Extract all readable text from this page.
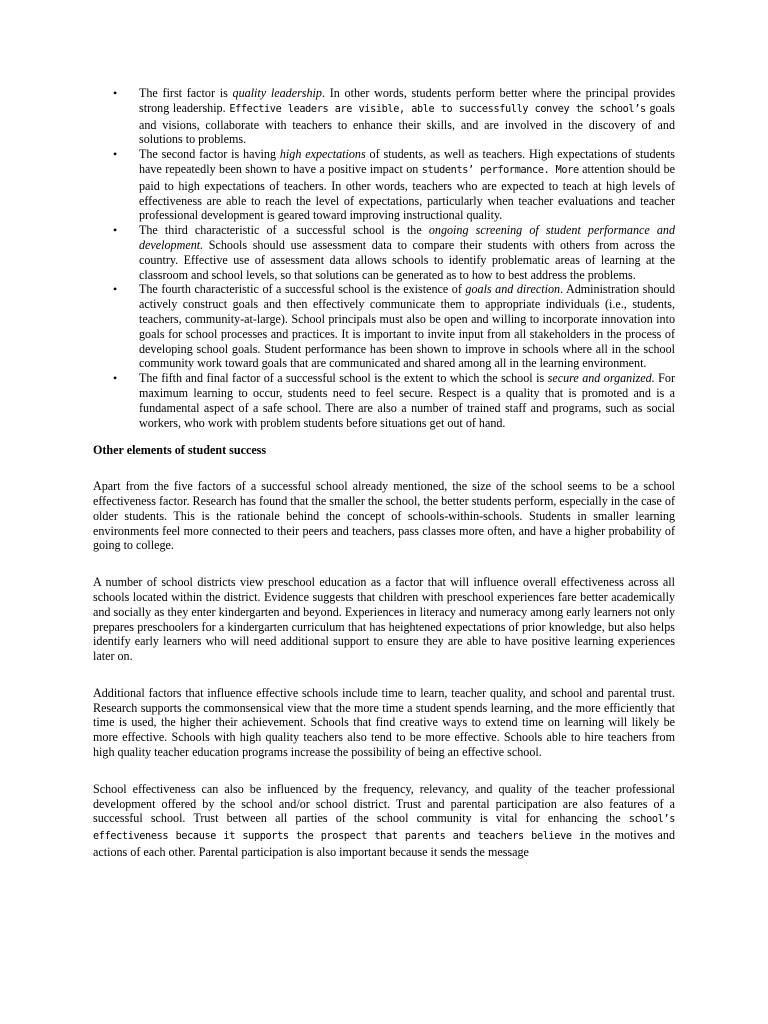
• The first factor is quality leadership. In other words, students perform better where the principal provides strong leadership. Effective leaders are visible, able to successfully convey the school’s goals and visions, collaborate with teachers to enhance their skills, and are involved in the discovery of and solutions to problems.
• The second factor is having high expectations of students, as well as teachers. High expectations of students have repeatedly been shown to have a positive impact on students’ performance. More attention should be paid to high expectations of teachers. In other words, teachers who are expected to teach at high levels of effectiveness are able to reach the level of expectations, particularly when teacher evaluations and teacher professional development is geared toward improving instructional quality.
• The third characteristic of a successful school is the ongoing screening of student performance and development. Schools should use assessment data to compare their students with others from across the country. Effective use of assessment data allows schools to identify problematic areas of learning at the classroom and school levels, so that solutions can be generated as to how to best address the problems.
• The fourth characteristic of a successful school is the existence of goals and direction. Administration should actively construct goals and then effectively communicate them to appropriate individuals (i.e., students, teachers, community-at-large). School principals must also be open and willing to incorporate innovation into goals for school processes and practices. It is important to invite input from all stakeholders in the process of developing school goals. Student performance has been shown to improve in schools where all in the school community work toward goals that are communicated and shared among all in the learning environment.
• The fifth and final factor of a successful school is the extent to which the school is secure and organized. For maximum learning to occur, students need to feel secure. Respect is a quality that is promoted and is a fundamental aspect of a safe school. There are also a number of trained staff and programs, such as social workers, who work with problem students before situations get out of hand.
Other elements of student success

Apart from the five factors of a successful school already mentioned, the size of the school seems to be a school effectiveness factor. Research has found that the smaller the school, the better students perform, especially in the case of older students. This is the rationale behind the concept of schools-within-schools. Students in smaller learning environments feel more connected to their peers and teachers, pass classes more often, and have a higher probability of going to college.

A number of school districts view preschool education as a factor that will influence overall effectiveness across all schools located within the district. Evidence suggests that children with preschool experiences fare better academically and socially as they enter kindergarten and beyond. Experiences in literacy and numeracy among early learners not only prepares preschoolers for a kindergarten curriculum that has heightened expectations of prior knowledge, but also helps identify early learners who will need additional support to ensure they are able to have positive learning experiences later on.

Additional factors that influence effective schools include time to learn, teacher quality, and school and parental trust. Research supports the commonsensical view that the more time a student spends learning, and the more efficiently that time is used, the higher their achievement. Schools that find creative ways to extend time on learning will likely be more effective. Schools with high quality teachers also tend to be more effective. Schools able to hire teachers from high quality teacher education programs increase the possibility of being an effective school.

School effectiveness can also be influenced by the frequency, relevancy, and quality of the teacher professional development offered by the school and/or school district. Trust and parental participation are also features of a successful school. Trust between all parties of the school community is vital for enhancing the school’s effectiveness because it supports the prospect that parents and teachers believe in the motives and actions of each other. Parental participation is also important because it sends the message
